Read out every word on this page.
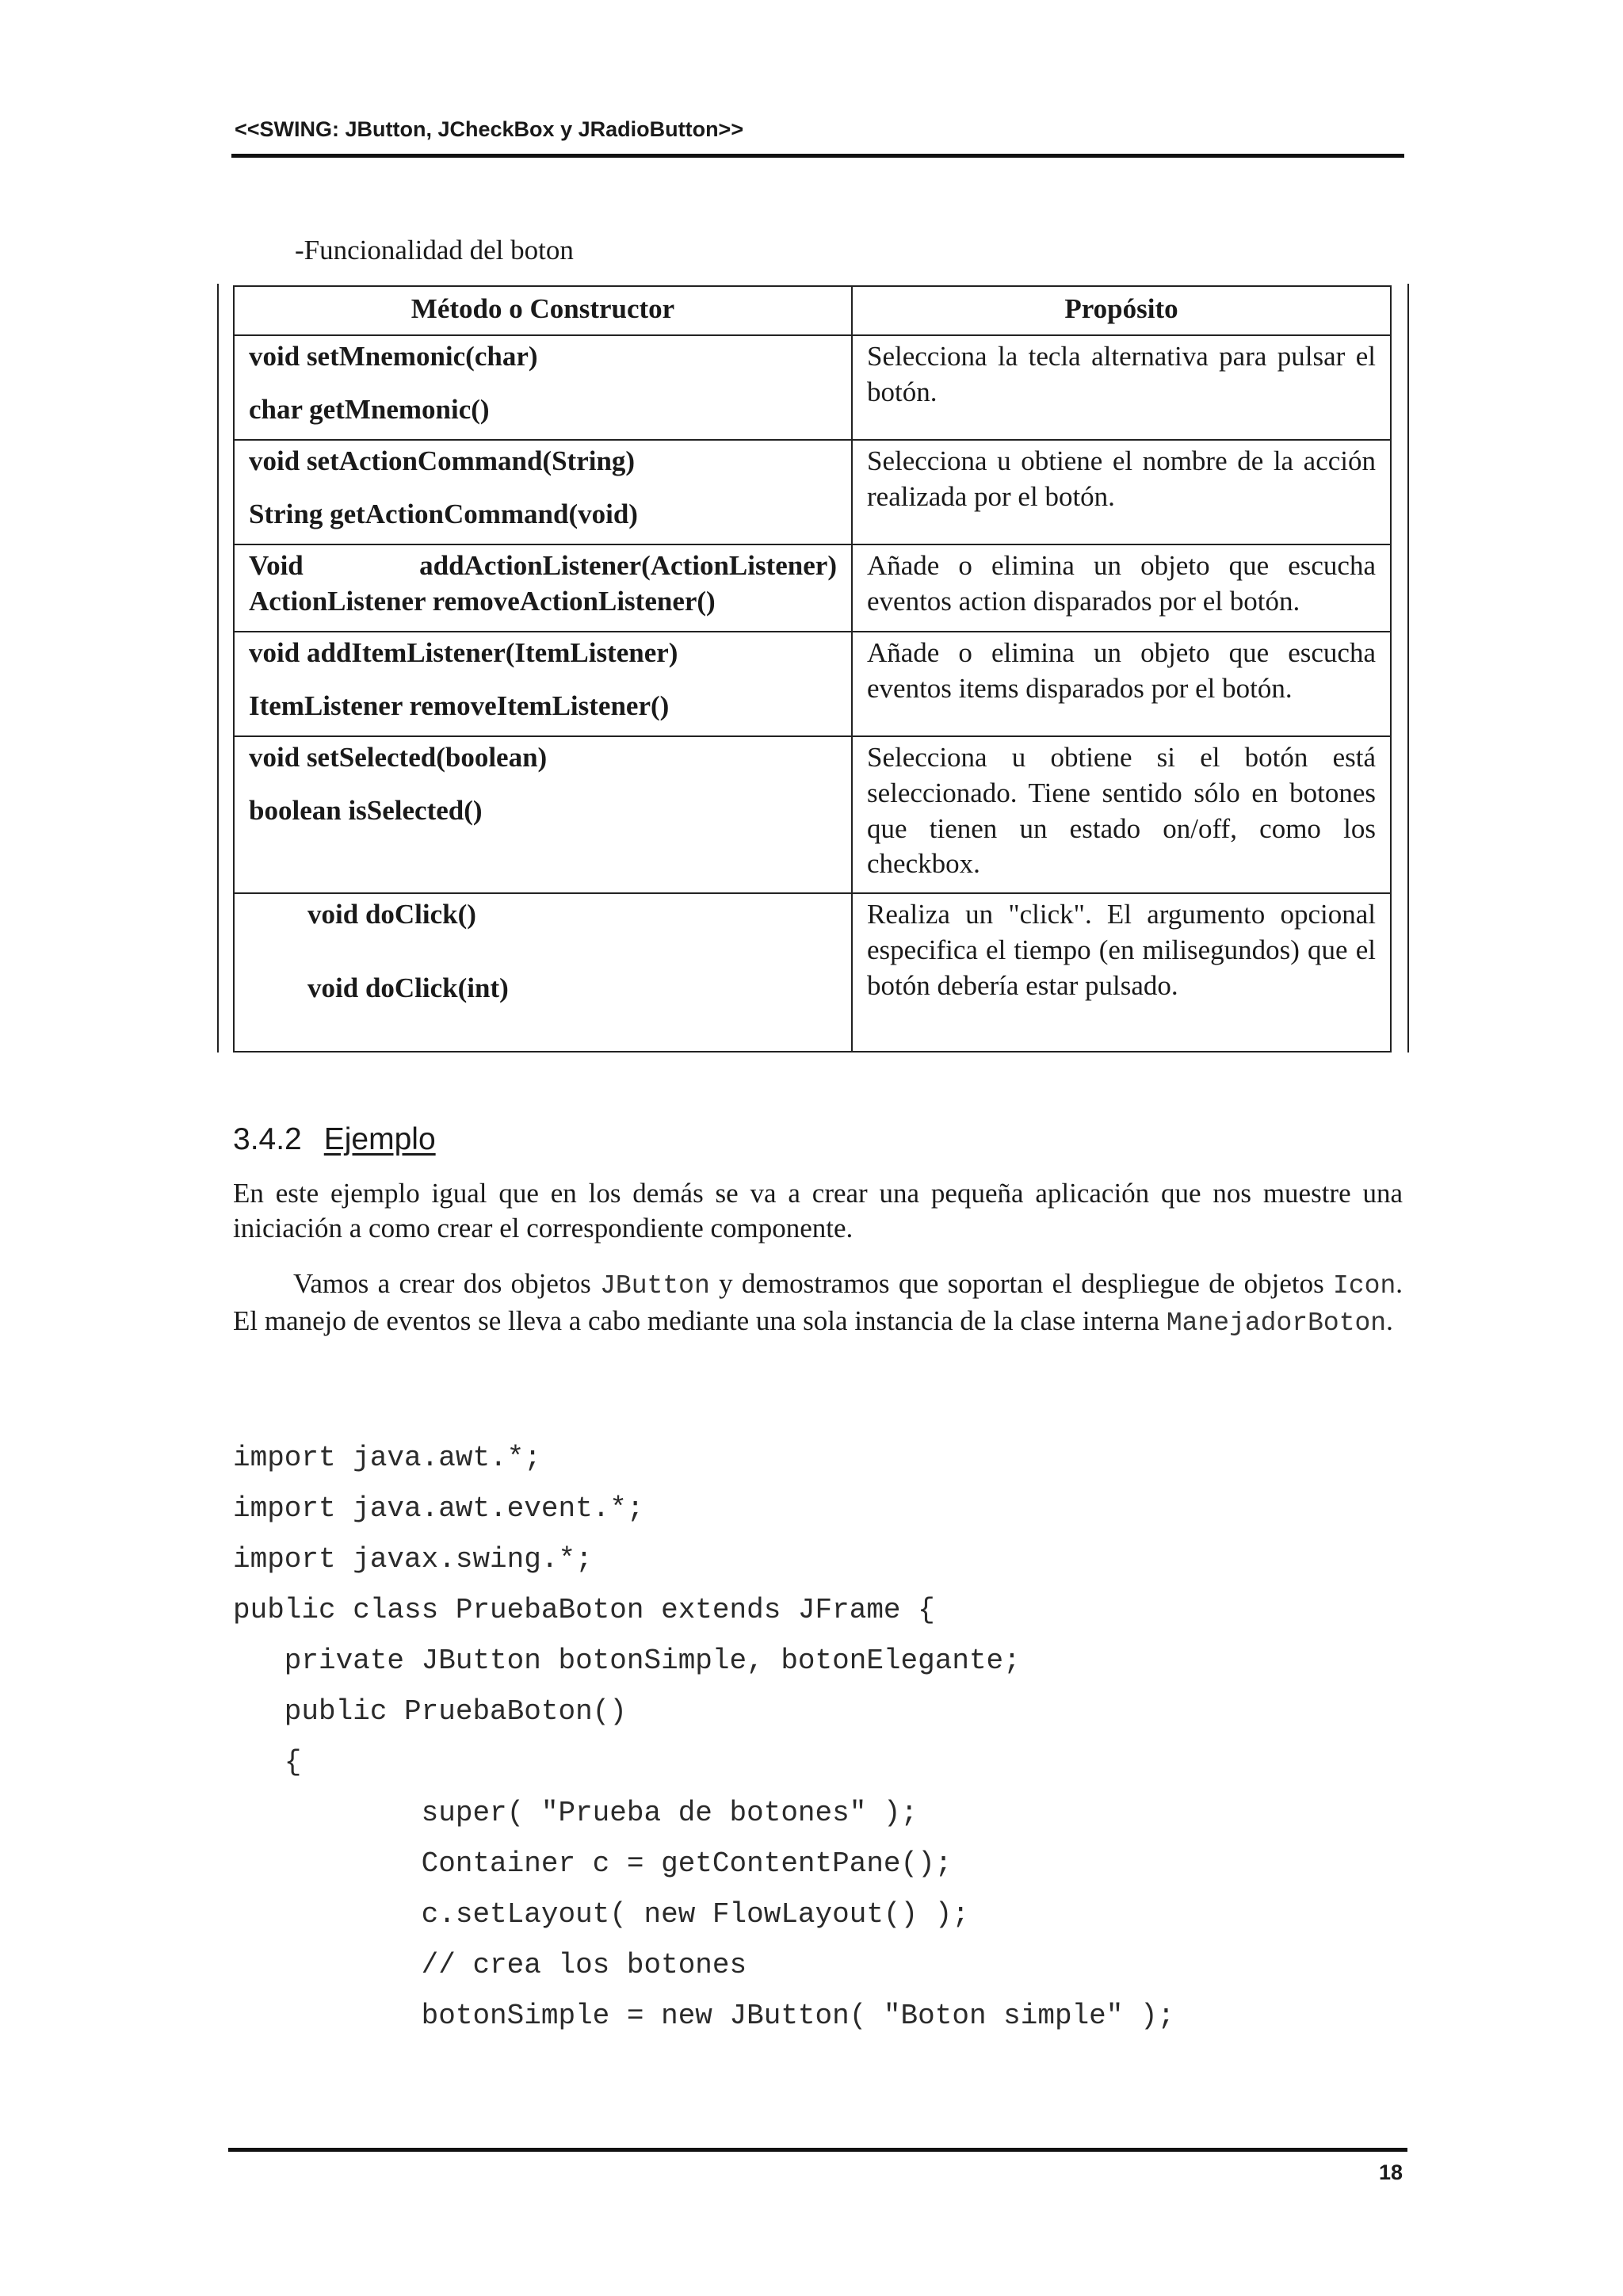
<<SWING: JButton, JCheckBox y JRadioButton>>
-Funcionalidad del boton
Método o Constructor	Propósito

void setMnemonic(char)
char getMnemonic()	Selecciona la tecla alternativa para pulsar el botón.

void setActionCommand(String)
String getActionCommand(void)	Selecciona u obtiene el nombre de la acción realizada por el botón.

Void addActionListener(ActionListener)
ActionListener removeActionListener()	Añade o elimina un objeto que escucha eventos action disparados por el botón.

void addItemListener(ItemListener)
ItemListener removeItemListener()	Añade o elimina un objeto que escucha eventos items disparados por el botón.

void setSelected(boolean)
boolean isSelected()	Selecciona u obtiene si el botón está seleccionado. Tiene sentido sólo en botones que tienen un estado on/off, como los checkbox.

void doClick()
void doClick(int)	Realiza un "click". El argumento opcional especifica el tiempo (en milisegundos) que el botón debería estar pulsado.
3.4.2 Ejemplo
En este ejemplo igual que en los demás se va a crear una pequeña aplicación que nos muestre una iniciación a como crear el correspondiente componente.
Vamos a crear dos objetos JButton y demostramos que soportan el despliegue de objetos Icon. El manejo de eventos se lleva a cabo mediante una sola instancia de la clase interna ManejadorBoton.
import java.awt.*;
import java.awt.event.*;
import javax.swing.*;
public class PruebaBoton extends JFrame {
private JButton botonSimple, botonElegante;
public PruebaBoton()
{
super( "Prueba de botones" );
Container c = getContentPane();
c.setLayout( new FlowLayout() );
// crea los botones
botonSimple = new JButton( "Boton simple" );
18
